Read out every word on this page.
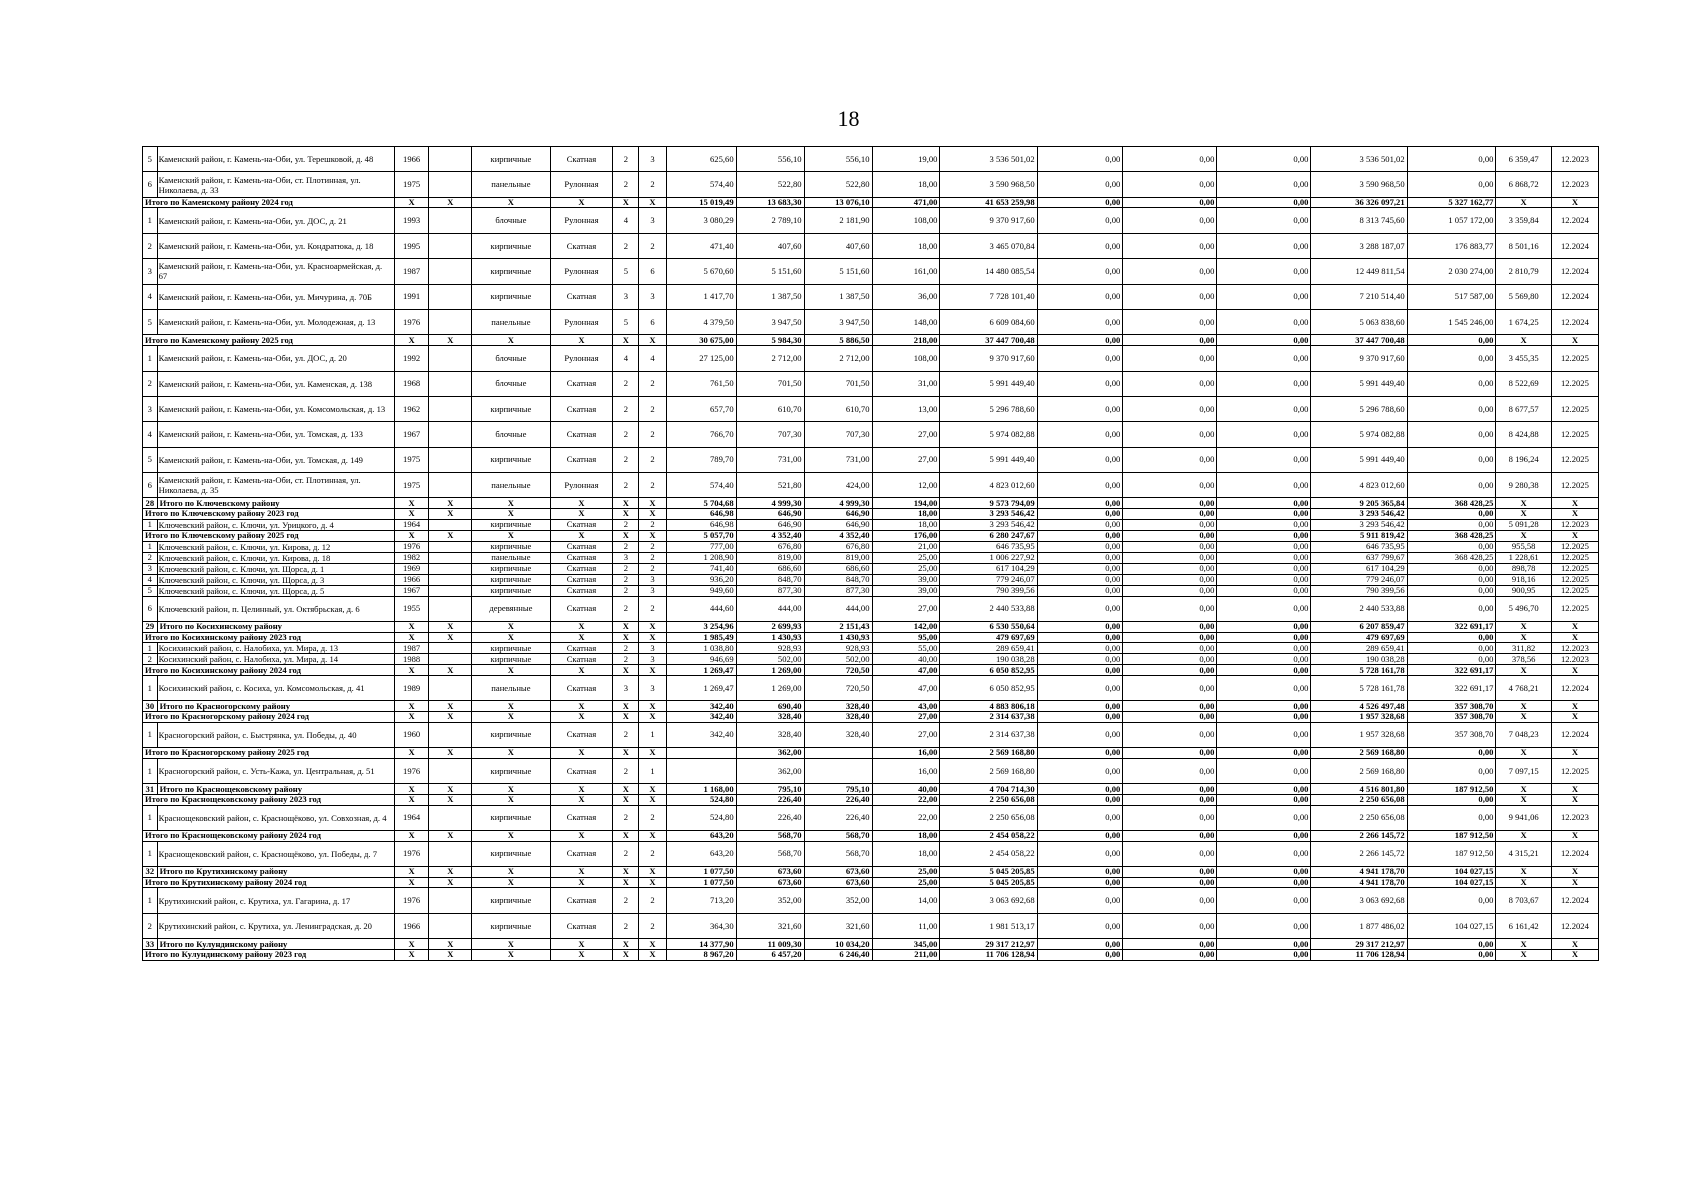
18
5	Каменский район, г. Камень-на-Оби, ул. Терешковой, д. 48	1966		кирпичные	Скатная	2	3	625,60	556,10	556,10	19,00	3 536 501,02	0,00	0,00	0,00	3 536 501,02	0,00	6 359,47	12.2023
6	Каменский район, г. Камень-на-Оби, ст. Плотинная, ул. Николаева, д. 33	1975		панельные	Рулонная	2	2	574,40	522,80	522,80	18,00	3 590 968,50	0,00	0,00	0,00	3 590 968,50	0,00	6 868,72	12.2023
Итого по Каменскому району 2024 год		X	X	X	X	X	X	15 019,49	13 683,30	13 076,10	471,00	41 653 259,98	0,00	0,00	0,00	36 326 097,21	5 327 162,77	X	X
1	Каменский район, г. Камень-на-Оби, ул. ДОС, д. 21	1993		блочные	Рулонная	4	3	3 080,29	2 789,10	2 181,90	108,00	9 370 917,60	0,00	0,00	0,00	8 313 745,60	1 057 172,00	3 359,84	12.2024
2	Каменский район, г. Камень-на-Оби, ул. Кондратюка, д. 18	1995		кирпичные	Скатная	2	2	471,40	407,60	407,60	18,00	3 465 070,84	0,00	0,00	0,00	3 288 187,07	176 883,77	8 501,16	12.2024
3	Каменский район, г. Камень-на-Оби, ул. Красноармейская, д. 67	1987		кирпичные	Рулонная	5	6	5 670,60	5 151,60	5 151,60	161,00	14 480 085,54	0,00	0,00	0,00	12 449 811,54	2 030 274,00	2 810,79	12.2024
4	Каменский район, г. Камень-на-Оби, ул. Мичурина, д. 70Б	1991		кирпичные	Скатная	3	3	1 417,70	1 387,50	1 387,50	36,00	7 728 101,40	0,00	0,00	0,00	7 210 514,40	517 587,00	5 569,80	12.2024
5	Каменский район, г. Камень-на-Оби, ул. Молодежная, д. 13	1976		панельные	Рулонная	5	6	4 379,50	3 947,50	3 947,50	148,00	6 609 084,60	0,00	0,00	0,00	5 063 838,60	1 545 246,00	1 674,25	12.2024
Итого по Каменскому району 2025 год		X	X	X	X	X	X	30 675,00	5 984,30	5 886,50	218,00	37 447 700,48	0,00	0,00	0,00	37 447 700,48	0,00	X	X
1	Каменский район, г. Камень-на-Оби, ул. ДОС, д. 20	1992		блочные	Рулонная	4	4	27 125,00	2 712,00	2 712,00	108,00	9 370 917,60	0,00	0,00	0,00	9 370 917,60	0,00	3 455,35	12.2025
2	Каменский район, г. Камень-на-Оби, ул. Каменская, д. 138	1968		блочные	Скатная	2	2	761,50	701,50	701,50	31,00	5 991 449,40	0,00	0,00	0,00	5 991 449,40	0,00	8 522,69	12.2025
3	Каменский район, г. Камень-на-Оби, ул. Комсомольская, д. 13	1962		кирпичные	Скатная	2	2	657,70	610,70	610,70	13,00	5 296 788,60	0,00	0,00	0,00	5 296 788,60	0,00	8 677,57	12.2025
4	Каменский район, г. Камень-на-Оби, ул. Томская, д. 133	1967		блочные	Скатная	2	2	766,70	707,30	707,30	27,00	5 974 082,88	0,00	0,00	0,00	5 974 082,88	0,00	8 424,88	12.2025
5	Каменский район, г. Камень-на-Оби, ул. Томская, д. 149	1975		кирпичные	Скатная	2	2	789,70	731,00	731,00	27,00	5 991 449,40	0,00	0,00	0,00	5 991 449,40	0,00	8 196,24	12.2025
6	Каменский район, г. Камень-на-Оби, ст. Плотинная, ул. Николаева, д. 35	1975		панельные	Рулонная	2	2	574,40	521,80	424,00	12,00	4 823 012,60	0,00	0,00	0,00	4 823 012,60	0,00	9 280,38	12.2025
28	Итого по Ключевскому району	X	X	X	X	X	X	5 704,68	4 999,30	4 999,30	194,00	9 573 794,09	0,00	0,00	0,00	9 205 365,84	368 428,25	X	X
Итого по Ключевскому району 2023 год		X	X	X	X	X	X	646,98	646,90	646,90	18,00	3 293 546,42	0,00	0,00	0,00	3 293 546,42	0,00	X	X
1	Ключевский район, с. Ключи, ул. Урицкого, д. 4	1964		кирпичные	Скатная	2	2	646,98	646,90	646,90	18,00	3 293 546,42	0,00	0,00	0,00	3 293 546,42	0,00	5 091,28	12.2023
Итого по Ключевскому району 2025 год		X	X	X	X	X	X	5 057,70	4 352,40	4 352,40	176,00	6 280 247,67	0,00	0,00	0,00	5 911 819,42	368 428,25	X	X
1	Ключевский район, с. Ключи, ул. Кирова, д. 12	1976		кирпичные	Скатная	2	2	777,00	676,80	676,80	21,00	646 735,95	0,00	0,00	0,00	646 735,95	0,00	955,58	12.2025
2	Ключевский район, с. Ключи, ул. Кирова, д. 18	1982		панельные	Скатная	3	2	1 208,90	819,00	819,00	25,00	1 006 227,92	0,00	0,00	0,00	637 799,67	368 428,25	1 228,61	12.2025
3	Ключевский район, с. Ключи, ул. Щорса, д. 1	1969		кирпичные	Скатная	2	2	741,40	686,60	686,60	25,00	617 104,29	0,00	0,00	0,00	617 104,29	0,00	898,78	12.2025
4	Ключевский район, с. Ключи, ул. Щорса, д. 3	1966		кирпичные	Скатная	2	3	936,20	848,70	848,70	39,00	779 246,07	0,00	0,00	0,00	779 246,07	0,00	918,16	12.2025
5	Ключевский район, с. Ключи, ул. Щорса, д. 5	1967		кирпичные	Скатная	2	3	949,60	877,30	877,30	39,00	790 399,56	0,00	0,00	0,00	790 399,56	0,00	900,95	12.2025
6	Ключевский район, п. Целинный, ул. Октябрьская, д. 6	1955		деревянные	Скатная	2	2	444,60	444,00	444,00	27,00	2 440 533,88	0,00	0,00	0,00	2 440 533,88	0,00	5 496,70	12.2025
29	Итого по Косихинскому району	X	X	X	X	X	X	3 254,96	2 699,93	2 151,43	142,00	6 530 550,64	0,00	0,00	0,00	6 207 859,47	322 691,17	X	X
Итого по Косихинскому району 2023 год		X	X	X	X	X	X	1 985,49	1 430,93	1 430,93	95,00	479 697,69	0,00	0,00	0,00	479 697,69	0,00	X	X
1	Косихинский район, с. Налобиха, ул. Мира, д. 13	1987		кирпичные	Скатная	2	3	1 038,80	928,93	928,93	55,00	289 659,41	0,00	0,00	0,00	289 659,41	0,00	311,82	12.2023
2	Косихинский район, с. Налобиха, ул. Мира, д. 14	1988		кирпичные	Скатная	2	3	946,69	502,00	502,00	40,00	190 038,28	0,00	0,00	0,00	190 038,28	0,00	378,56	12.2023
Итого по Косихинскому району 2024 год		X	X	X	X	X	X	1 269,47	1 269,00	720,50	47,00	6 050 852,95	0,00	0,00	0,00	5 728 161,78	322 691,17	X	X
1	Косихинский район, с. Косиха, ул. Комсомольская, д. 41	1989		панельные	Скатная	3	3	1 269,47	1 269,00	720,50	47,00	6 050 852,95	0,00	0,00	0,00	5 728 161,78	322 691,17	4 768,21	12.2024
30	Итого по Красногорскому району	X	X	X	X	X	X	342,40	690,40	328,40	43,00	4 883 806,18	0,00	0,00	0,00	4 526 497,48	357 308,70	X	X
Итого по Красногорскому району 2024 год		X	X	X	X	X	X	342,40	328,40	328,40	27,00	2 314 637,38	0,00	0,00	0,00	1 957 328,68	357 308,70	X	X
1	Красногорский район, с. Быстрянка, ул. Победы, д. 40	1960		кирпичные	Скатная	2	1	342,40	328,40	328,40	27,00	2 314 637,38	0,00	0,00	0,00	1 957 328,68	357 308,70	7 048,23	12.2024
Итого по Красногорскому району 2025 год		X	X	X	X	X	X		362,00		16,00	2 569 168,80	0,00	0,00	0,00	2 569 168,80	0,00	X	X
1	Красногорский район, с. Усть-Кажа, ул. Центральная, д. 51	1976		кирпичные	Скатная	2	1		362,00		16,00	2 569 168,80	0,00	0,00	0,00	2 569 168,80	0,00	7 097,15	12.2025
31	Итого по Краснощековскому району	X	X	X	X	X	X	1 168,00	795,10	795,10	40,00	4 704 714,30	0,00	0,00	0,00	4 516 801,80	187 912,50	X	X
Итого по Краснощековскому району 2023 год		X	X	X	X	X	X	524,80	226,40	226,40	22,00	2 250 656,08	0,00	0,00	0,00	2 250 656,08	0,00	X	X
1	Краснощековский район, с. Краснощёково, ул. Совхозная, д. 4	1964		кирпичные	Скатная	2	2	524,80	226,40	226,40	22,00	2 250 656,08	0,00	0,00	0,00	2 250 656,08	0,00	9 941,06	12.2023
Итого по Краснощековскому району 2024 год		X	X	X	X	X	X	643,20	568,70	568,70	18,00	2 454 058,22	0,00	0,00	0,00	2 266 145,72	187 912,50	X	X
1	Краснощековский район, с. Краснощёково, ул. Победы, д. 7	1976		кирпичные	Скатная	2	2	643,20	568,70	568,70	18,00	2 454 058,22	0,00	0,00	0,00	2 266 145,72	187 912,50	4 315,21	12.2024
32	Итого по Крутихинскому району	X	X	X	X	X	X	1 077,50	673,60	673,60	25,00	5 045 205,85	0,00	0,00	0,00	4 941 178,70	104 027,15	X	X
Итого по Крутихинскому району 2024 год		X	X	X	X	X	X	1 077,50	673,60	673,60	25,00	5 045 205,85	0,00	0,00	0,00	4 941 178,70	104 027,15	X	X
1	Крутихинский район, с. Крутиха, ул. Гагарина, д. 17	1976		кирпичные	Скатная	2	2	713,20	352,00	352,00	14,00	3 063 692,68	0,00	0,00	0,00	3 063 692,68	0,00	8 703,67	12.2024
2	Крутихинский район, с. Крутиха, ул. Ленинградская, д. 20	1966		кирпичные	Скатная	2	2	364,30	321,60	321,60	11,00	1 981 513,17	0,00	0,00	0,00	1 877 486,02	104 027,15	6 161,42	12.2024
33	Итого по Кулундинскому району	X	X	X	X	X	X	14 377,90	11 009,30	10 034,20	345,00	29 317 212,97	0,00	0,00	0,00	29 317 212,97	0,00	X	X
Итого по Кулундинскому району 2023 год		X	X	X	X	X	X	8 967,20	6 457,20	6 246,40	211,00	11 706 128,94	0,00	0,00	0,00	11 706 128,94	0,00	X	X
